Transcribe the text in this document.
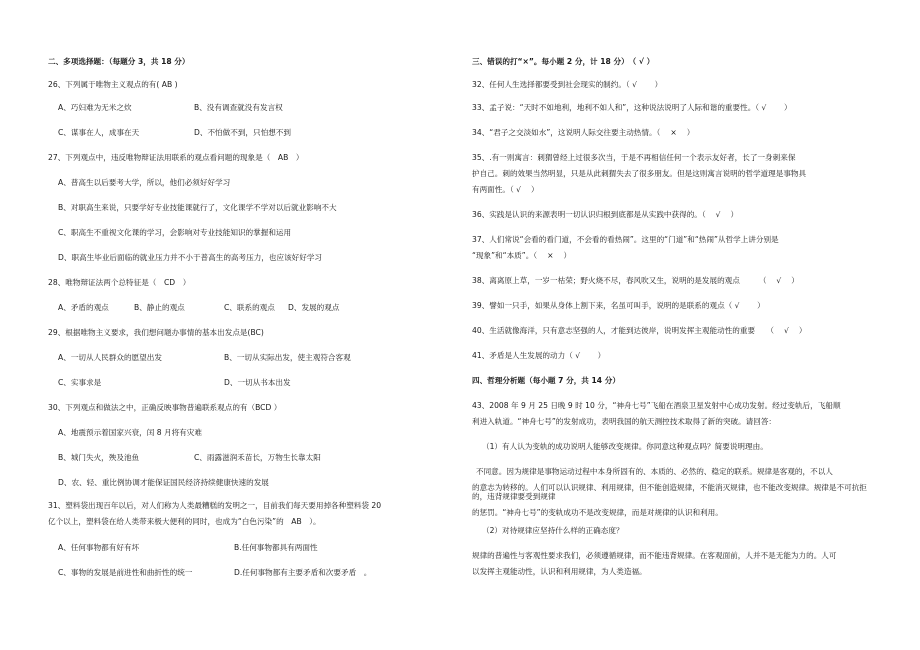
二、多项选择题：（每题分 3，共 18 分）
26、下列属于唯物主义观点的有( AB )
A、巧妇难为无米之炊	B、没有调查就没有发言权
C、谋事在人，成事在天	D、不怕做不到，只怕想不到
27、下列观点中，违反唯物辩证法用联系的观点看问题的现象是（　AB　）
A、普高生以后要考大学，所以，他们必须好好学习
B、对职高生来说，只要学好专业技能课就行了，文化课学不学对以后就业影响不大
C、职高生不重视文化课的学习，会影响对专业技能知识的掌握和运用
D、职高生毕业后面临的就业压力并不小于普高生的高考压力，也应该好好学习
28、唯物辩证法两个总特征是（　CD　）
A、矛盾的观点	B、静止的观点	C、联系的观点 D、发展的观点
29、根据唯物主义要求，我们想问题办事情的基本出发点是(BC)
A、一切从人民群众的愿望出发	B、一切从实际出发，使主观符合客观
C、实事求是	D、一切从书本出发
30、下列观点和做法之中，正确反映事物普遍联系观点的有（BCD ）
A、地震预示着国家兴衰，闰 8 月将有灾难
B、城门失火，殃及池鱼	C、雨露滋润禾苗长，万物生长靠太阳
D、农、轻、重比例协调才能保证国民经济持续健康快速的发展
31、塑料袋出现百年以后，对人们称为人类最糟糕的发明之一，目前我们每天要用掉各种塑料袋 20
亿个以上，塑料袋在给人类带来极大便利的同时，也成为“白色污染”的　AB　）。
A、任何事物都有好有坏	B.任何事物都具有两面性
C、事物的发展是前进性和曲折性的统一	D.任何事物都有主要矛盾和次要矛盾　。
三、错误的打“×”。每小题 2 分，计 18 分）　（ √ ）
32、任何人生选择都要受到社会现实的制约。（ √ 　　）
33、孟子说：“天时不如地利，地利不如人和”，这种说法说明了人际和谐的重要性。（ √ 　　）
34、“君子之交淡如水”，这说明人际交往要主动热情。（　 × 　）
35、.有一则寓言：刺猬曾经上过很多次当，于是不再相信任何一个表示友好者，长了一身刺来保
护自己。刺的效果当然明显，只是从此刺猬失去了很多朋友。但是这则寓言说明的哲学道理是事物具
有两面性。（ √ 　）
36、实践是认识的来源表明一切认识归根到底都是从实践中获得的。（　 √ 　）
37、人们常说“会看的看门道，不会看的看热闹”。这里的“门道”和“热闹”从哲学上讲分别是
“现象”和“本质”。（　 × 　）
38、离离原上草，一岁一枯荣；野火烧不尽，春风吹又生，说明的是发展的观点　　　（　 √ 　）
39、譬如一只手，如果从身体上割下来，名虽可叫手，说明的是联系的观点（ √ 　　）
40、生活就像海洋，只有意志坚强的人，才能到达彼岸，说明发挥主观能动性的重要　　（　 √ 　）
41、矛盾是人生发展的动力（ √ 　　）
四、哲理分析题（每小题 7 分，共 14 分）
43、2008 年 9 月 25 日晚 9 时 10 分，“神舟七号”飞船在酒泉卫星发射中心成功发射。经过变轨后，飞船顺
利进入轨道。“神舟七号”的发射成功，表明我国的航天测控技术取得了新的突破。请回答：
（1）有人认为变轨的成功说明人能够改变规律。你同意这种观点吗？简要说明理由。
不同意。因为规律是事物运动过程中本身所固有的、本质的、必然的、稳定的联系。规律是客观的，不以人
的意志为转移的。人们可以认识规律、利用规律，但不能创造规律，不能消灭规律，也不能改变规律。规律是不可抗拒的，违背规律要受到规律
的惩罚。“神舟七号”的变轨成功不是改变规律，而是对规律的认识和利用。
（2）对待规律应坚持什么样的正确态度？
规律的普遍性与客观性要求我们，必须遵循规律，而不能违背规律。在客观面前，人并不是无能为力的。人可
以发挥主观能动性，认识和利用规律，为人类造福。
